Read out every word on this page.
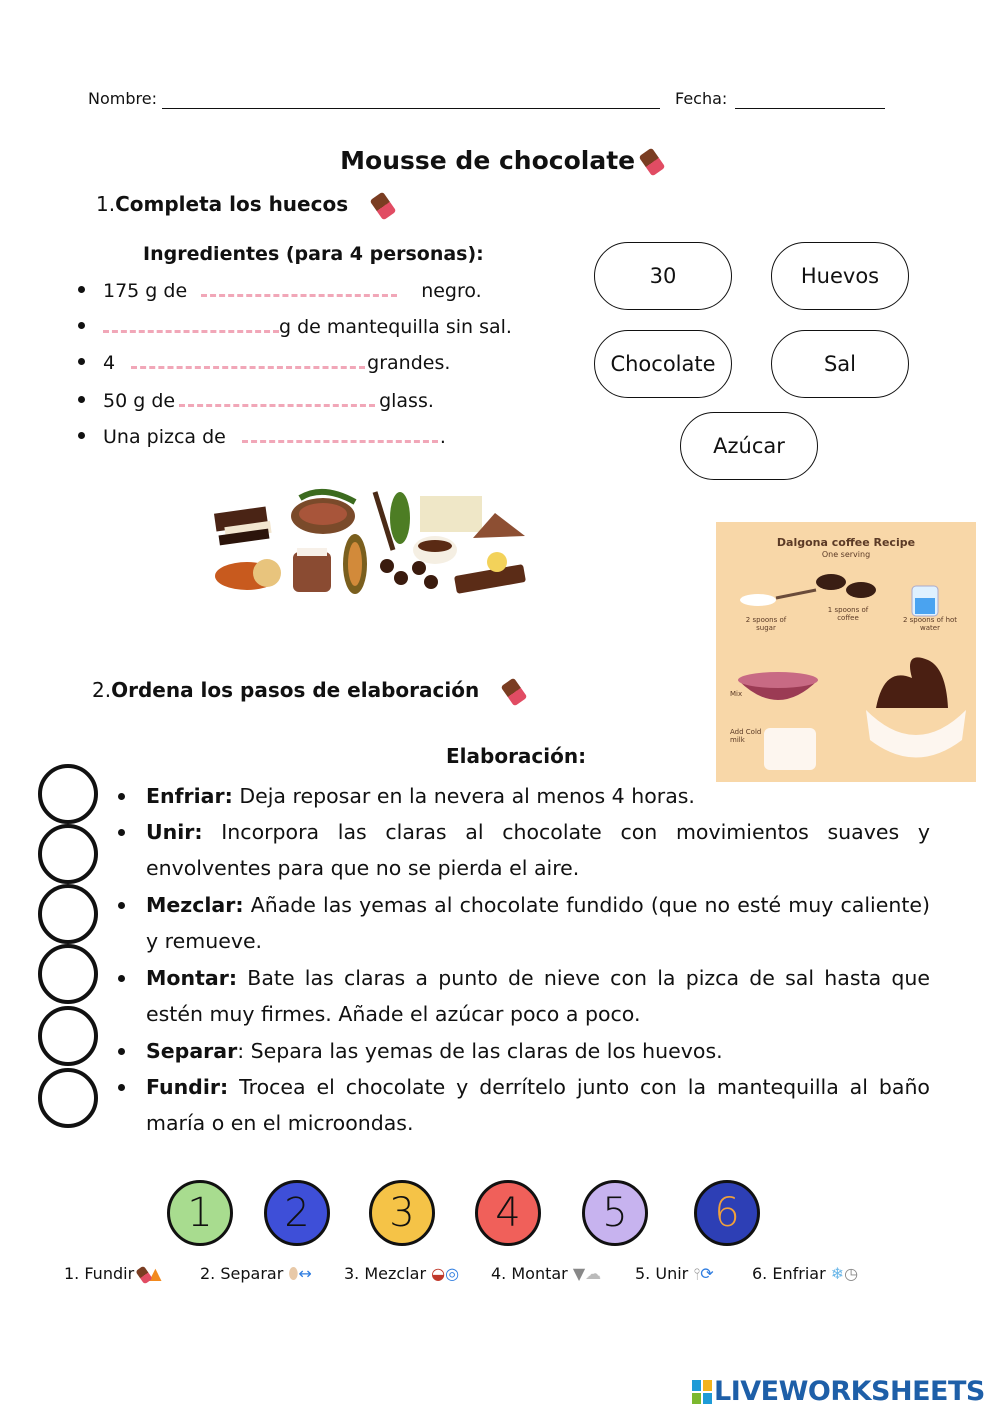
Nombre:	Fecha:
Mousse de chocolate
1.Completa los huecos
Ingredientes (para 4 personas):
175 g de	negro.
g de mantequilla sin sal.
4	grandes.
50 g de	glass.
Una pizca de	.
30	Huevos
Chocolate	Sal
Azúcar
Dalgona coffee Recipe
One serving
2 spoons of sugar
1 spoons of coffee	2 spoons of hot water
Mix
Add Cold milk
2.Ordena los pasos de elaboración
Elaboración:
Enfriar: Deja reposar en la nevera al menos 4 horas.
Unir: Incorpora las claras al chocolate con movimientos suaves y envolventes para que no se pierda el aire.
Mezclar: Añade las yemas al chocolate fundido (que no esté muy caliente) y remueve.
Montar: Bate las claras a punto de nieve con la pizca de sal hasta que estén muy firmes. Añade el azúcar poco a poco.
Separar: Separa las yemas de las claras de los huevos.
Fundir: Trocea el chocolate y derrítelo junto con la mantequilla al baño maría o en el microondas.
1	2	3	4	5	6
1. Fundir ▲ 2. Separar ⬮↔ 3. Mezclar ◒◎ 4. Montar ▼☁ 5. Unir ⫯⟳ 6. Enfriar ❄◷
LIVEWORKSHEETS
